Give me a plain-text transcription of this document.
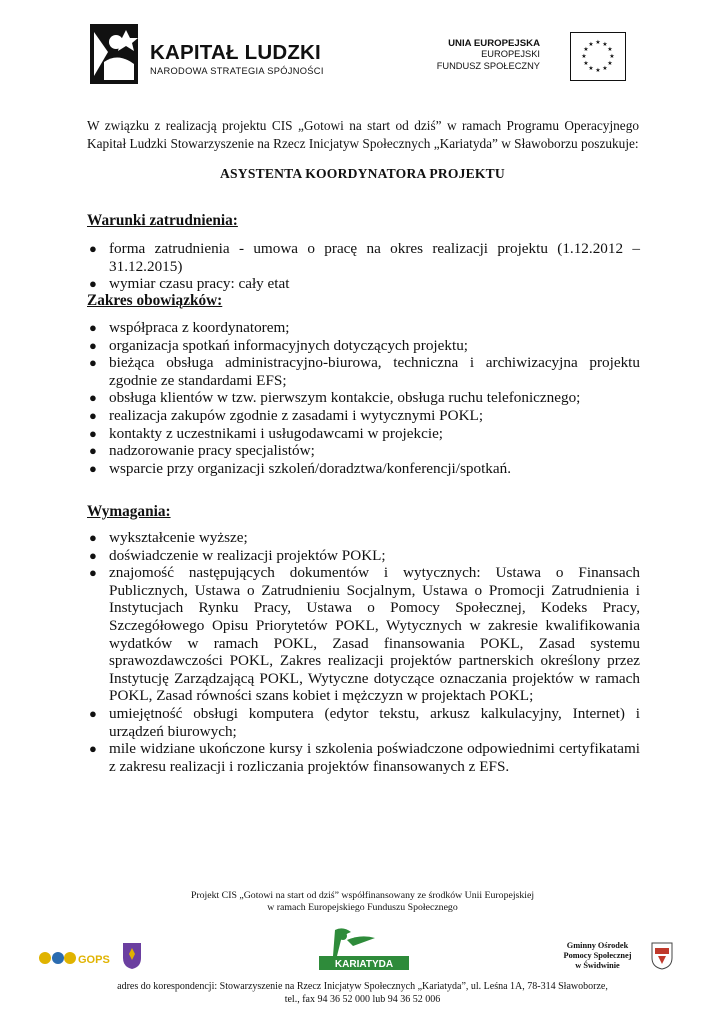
KAPITAŁ LUDZKI
NARODOWA STRATEGIA SPÓJNOŚCI
UNIA EUROPEJSKA
EUROPEJSKI
FUNDUSZ SPOŁECZNY
★ ★
★
★
★
★
★
★
★
★
★
★
W związku z realizacją projektu CIS „Gotowi na start od dziś” w ramach Programu Operacyjnego Kapitał Ludzki Stowarzyszenie na Rzecz Inicjatyw Społecznych „Kariatyda” w Sławoborzu poszukuje:
ASYSTENTA KOORDYNATORA PROJEKTU
Warunki zatrudnienia:
● forma zatrudnienia - umowa o pracę na okres realizacji projektu (1.12.2012 – 31.12.2015)
● wymiar czasu pracy: cały etat
Zakres obowiązków:
● współpraca z koordynatorem;
● organizacja spotkań informacyjnych dotyczących projektu;
● bieżąca obsługa administracyjno-biurowa, techniczna i archiwizacyjna projektu zgodnie ze standardami EFS;
● obsługa klientów w tzw. pierwszym kontakcie, obsługa ruchu telefonicznego;
● realizacja zakupów zgodnie z zasadami i wytycznymi POKL;
● kontakty z uczestnikami i usługodawcami w projekcie;
● nadzorowanie pracy specjalistów;
● wsparcie przy organizacji szkoleń/doradztwa/konferencji/spotkań.
Wymagania:
● wykształcenie wyższe;
● doświadczenie w realizacji projektów POKL;
● znajomość następujących dokumentów i wytycznych: Ustawa o Finansach Publicznych, Ustawa o Zatrudnieniu Socjalnym, Ustawa o Promocji Zatrudnienia i Instytucjach Rynku Pracy, Ustawa o Pomocy Społecznej, Kodeks Pracy, Szczegółowego Opisu Priorytetów POKL, Wytycznych w zakresie kwalifikowania wydatków w ramach POKL, Zasad finansowania POKL, Zasad systemu sprawozdawczości POKL, Zakres realizacji projektów partnerskich określony przez Instytucję Zarządzającą POKL, Wytyczne dotyczące oznaczania projektów w ramach POKL, Zasad równości szans kobiet i mężczyzn w projektach POKL;
● umiejętność obsługi komputera (edytor tekstu, arkusz kalkulacyjny, Internet) i urządzeń biurowych;
● mile widziane ukończone kursy i szkolenia poświadczone odpowiednimi certyfikatami z zakresu realizacji i rozliczania projektów finansowanych z EFS.
Projekt CIS „Gotowi na start od dziś” współfinansowany ze środków Unii Europejskiej
w ramach Europejskiego Funduszu Społecznego
GOPS	KARIATYDA
Gminny Ośrodek
Pomocy Społecznej
w Świdwinie
adres do korespondencji: Stowarzyszenie na Rzecz Inicjatyw Społecznych „Kariatyda”, ul. Leśna 1A, 78-314 Sławoborze,
tel., fax 94 36 52 000 lub 94 36 52 006
